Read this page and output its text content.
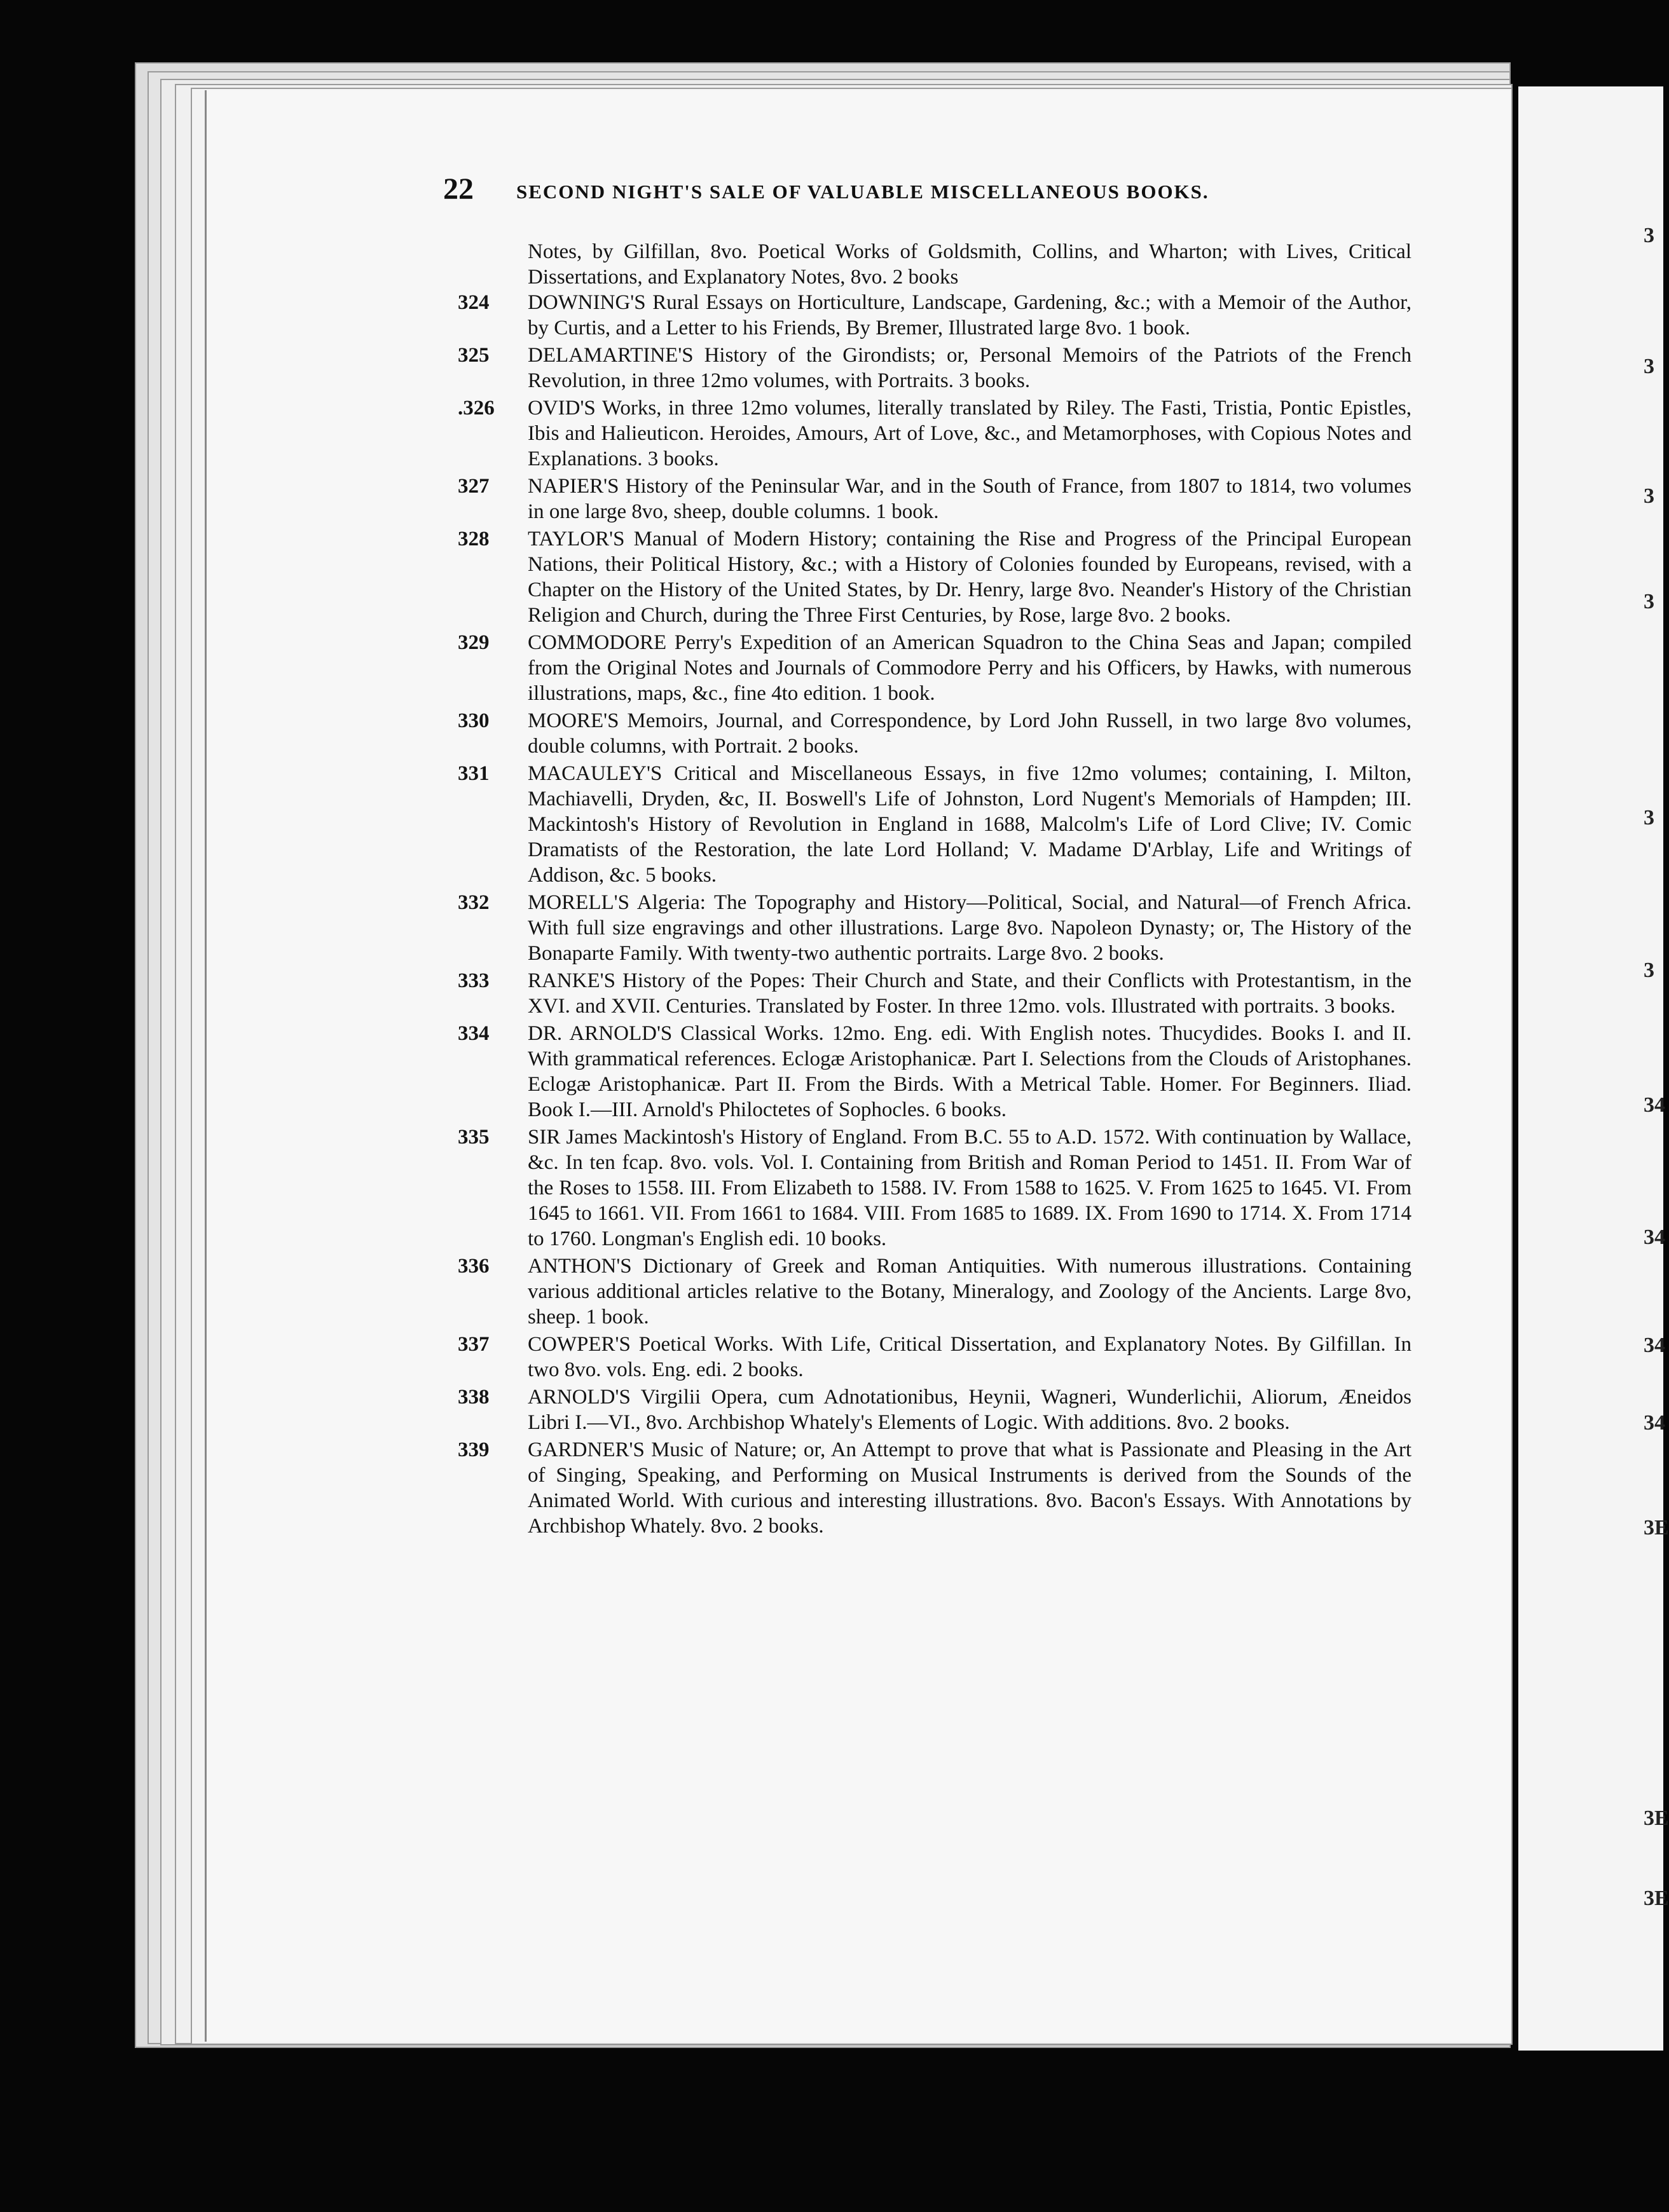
3
3
3
3
3
3
34
34
34
34
3E
3E
3E
22 SECOND NIGHT'S SALE OF VALUABLE MISCELLANEOUS BOOKS.
Notes, by Gilfillan, 8vo. Poetical Works of Goldsmith, Collins, and Wharton; with Lives, Critical Dissertations, and Explanatory Notes, 8vo. 2 books
324 DOWNING'S Rural Essays on Horticulture, Landscape, Gardening, &c.; with a Memoir of the Author, by Curtis, and a Letter to his Friends, By Bremer, Illustrated large 8vo. 1 book.
325 DELAMARTINE'S History of the Girondists; or, Personal Memoirs of the Patriots of the French Revolution, in three 12mo volumes, with Portraits. 3 books.
.326 OVID'S Works, in three 12mo volumes, literally translated by Riley. The Fasti, Tristia, Pontic Epistles, Ibis and Halieuticon. Heroides, Amours, Art of Love, &c., and Metamorphoses, with Copious Notes and Explanations. 3 books.
327 NAPIER'S History of the Peninsular War, and in the South of France, from 1807 to 1814, two volumes in one large 8vo, sheep, double columns. 1 book.
328 TAYLOR'S Manual of Modern History; containing the Rise and Progress of the Principal European Nations, their Political History, &c.; with a History of Colonies founded by Europeans, revised, with a Chapter on the History of the United States, by Dr. Henry, large 8vo. Neander's History of the Christian Religion and Church, during the Three First Centuries, by Rose, large 8vo. 2 books.
329 COMMODORE Perry's Expedition of an American Squadron to the China Seas and Japan; compiled from the Original Notes and Journals of Commodore Perry and his Officers, by Hawks, with numerous illustrations, maps, &c., fine 4to edition. 1 book.
330 MOORE'S Memoirs, Journal, and Correspondence, by Lord John Russell, in two large 8vo volumes, double columns, with Portrait. 2 books.
331 MACAULEY'S Critical and Miscellaneous Essays, in five 12mo volumes; containing, I. Milton, Machiavelli, Dryden, &c, II. Boswell's Life of Johnston, Lord Nugent's Memorials of Hampden; III. Mackintosh's History of Revolution in England in 1688, Malcolm's Life of Lord Clive; IV. Comic Dramatists of the Restoration, the late Lord Holland; V. Madame D'Arblay, Life and Writings of Addison, &c. 5 books.
332 MORELL'S Algeria: The Topography and History—Political, Social, and Natural—of French Africa. With full size engravings and other illustrations. Large 8vo. Napoleon Dynasty; or, The History of the Bonaparte Family. With twenty-two authentic portraits. Large 8vo. 2 books.
333 RANKE'S History of the Popes: Their Church and State, and their Conflicts with Protestantism, in the XVI. and XVII. Centuries. Translated by Foster. In three 12mo. vols. Illustrated with portraits. 3 books.
334 DR. ARNOLD'S Classical Works. 12mo. Eng. edi. With English notes. Thucydides. Books I. and II. With grammatical references. Eclogæ Aristophanicæ. Part I. Selections from the Clouds of Aristophanes. Eclogæ Aristophanicæ. Part II. From the Birds. With a Metrical Table. Homer. For Beginners. Iliad. Book I.—III. Arnold's Philoctetes of Sophocles. 6 books.
335 SIR James Mackintosh's History of England. From B.C. 55 to A.D. 1572. With continuation by Wallace, &c. In ten fcap. 8vo. vols. Vol. I. Containing from British and Roman Period to 1451. II. From War of the Roses to 1558. III. From Elizabeth to 1588. IV. From 1588 to 1625. V. From 1625 to 1645. VI. From 1645 to 1661. VII. From 1661 to 1684. VIII. From 1685 to 1689. IX. From 1690 to 1714. X. From 1714 to 1760. Longman's English edi. 10 books.
336 ANTHON'S Dictionary of Greek and Roman Antiquities. With numerous illustrations. Containing various additional articles relative to the Botany, Mineralogy, and Zoology of the Ancients. Large 8vo, sheep. 1 book.
337 COWPER'S Poetical Works. With Life, Critical Dissertation, and Explanatory Notes. By Gilfillan. In two 8vo. vols. Eng. edi. 2 books.
338 ARNOLD'S Virgilii Opera, cum Adnotationibus, Heynii, Wagneri, Wunderlichii, Aliorum, Æneidos Libri I.—VI., 8vo. Archbishop Whately's Elements of Logic. With additions. 8vo. 2 books.
339 GARDNER'S Music of Nature; or, An Attempt to prove that what is Passionate and Pleasing in the Art of Singing, Speaking, and Performing on Musical Instruments is derived from the Sounds of the Animated World. With curious and interesting illustrations. 8vo. Bacon's Essays. With Annotations by Archbishop Whately. 8vo. 2 books.
